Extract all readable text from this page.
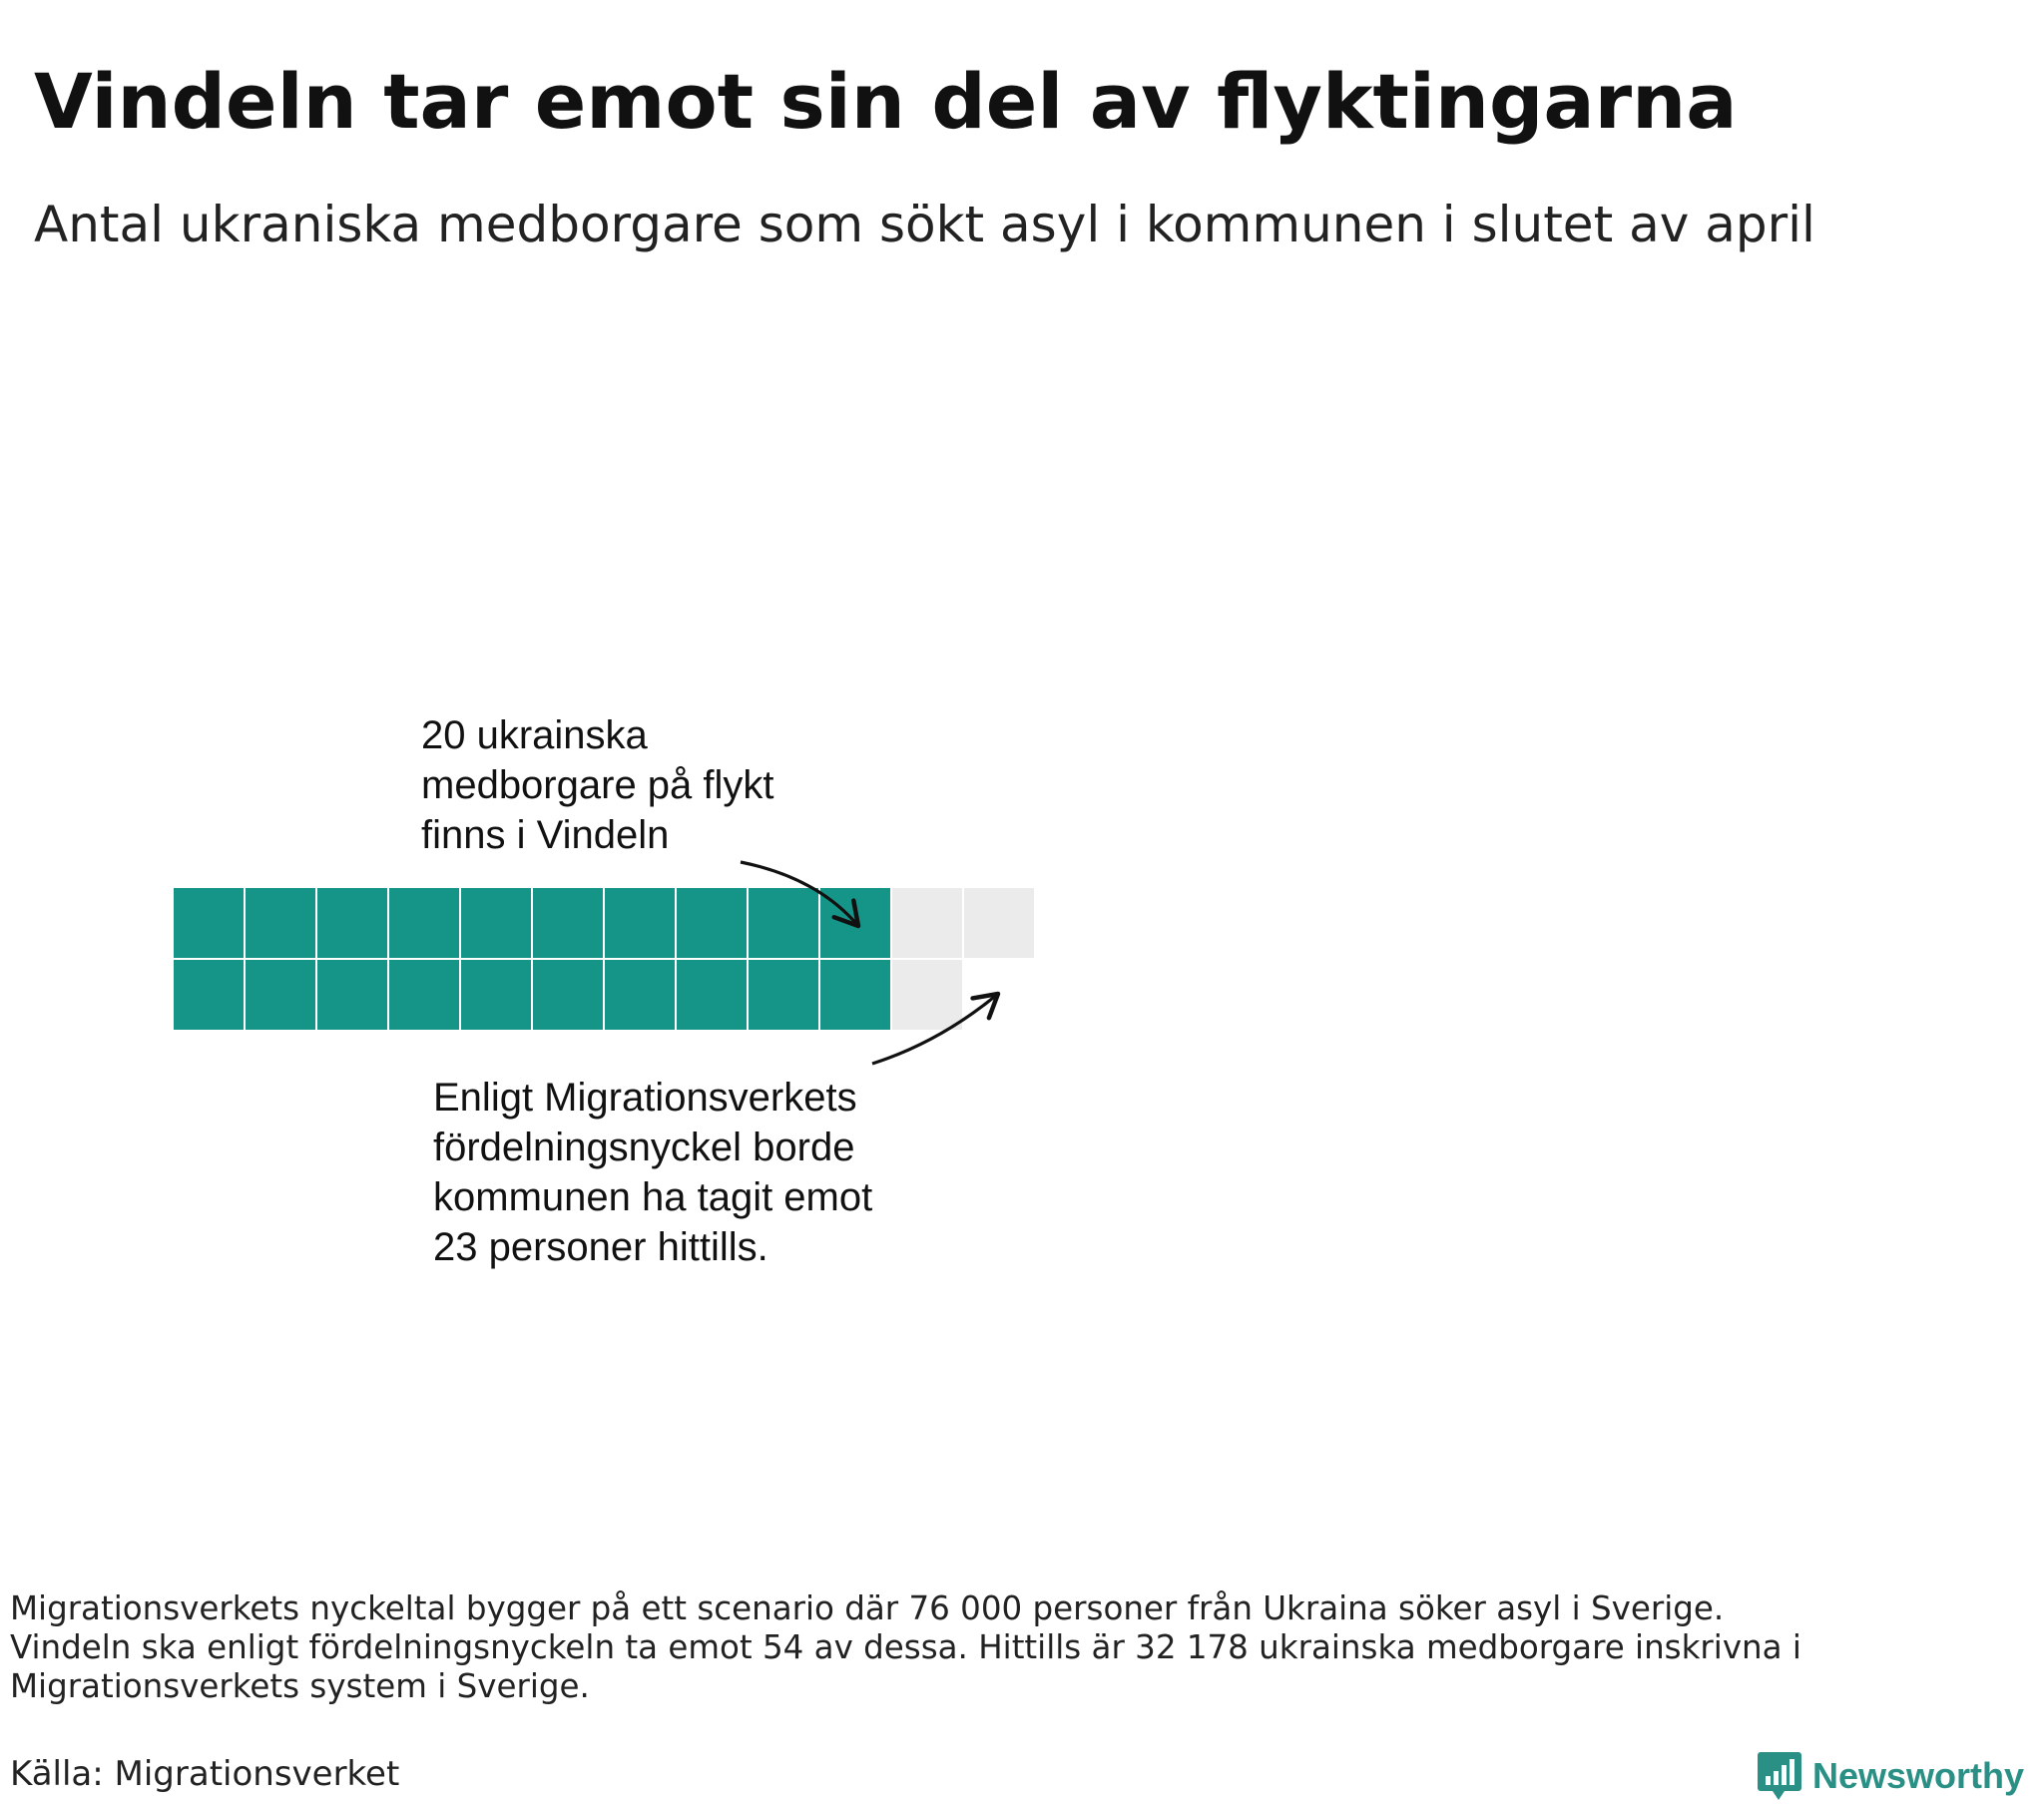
Vindeln tar emot sin del av flyktingarna
Antal ukraniska medborgare som sökt asyl i kommunen i slutet av april
20 ukrainska medborgare på flykt finns i Vindeln
Enligt Migrationsverkets fördelningsnyckel borde kommunen ha tagit emot 23 personer hittills.

Migrationsverkets nyckeltal bygger på ett scenario där 76 000 personer från Ukraina söker asyl i Sverige.
Vindeln ska enligt fördelningsnyckeln ta emot 54 av dessa. Hittills är 32 178 ukrainska medborgare inskrivna i
Migrationsverkets system i Sverige.

Källa: Migrationsverket	Newsworthy
